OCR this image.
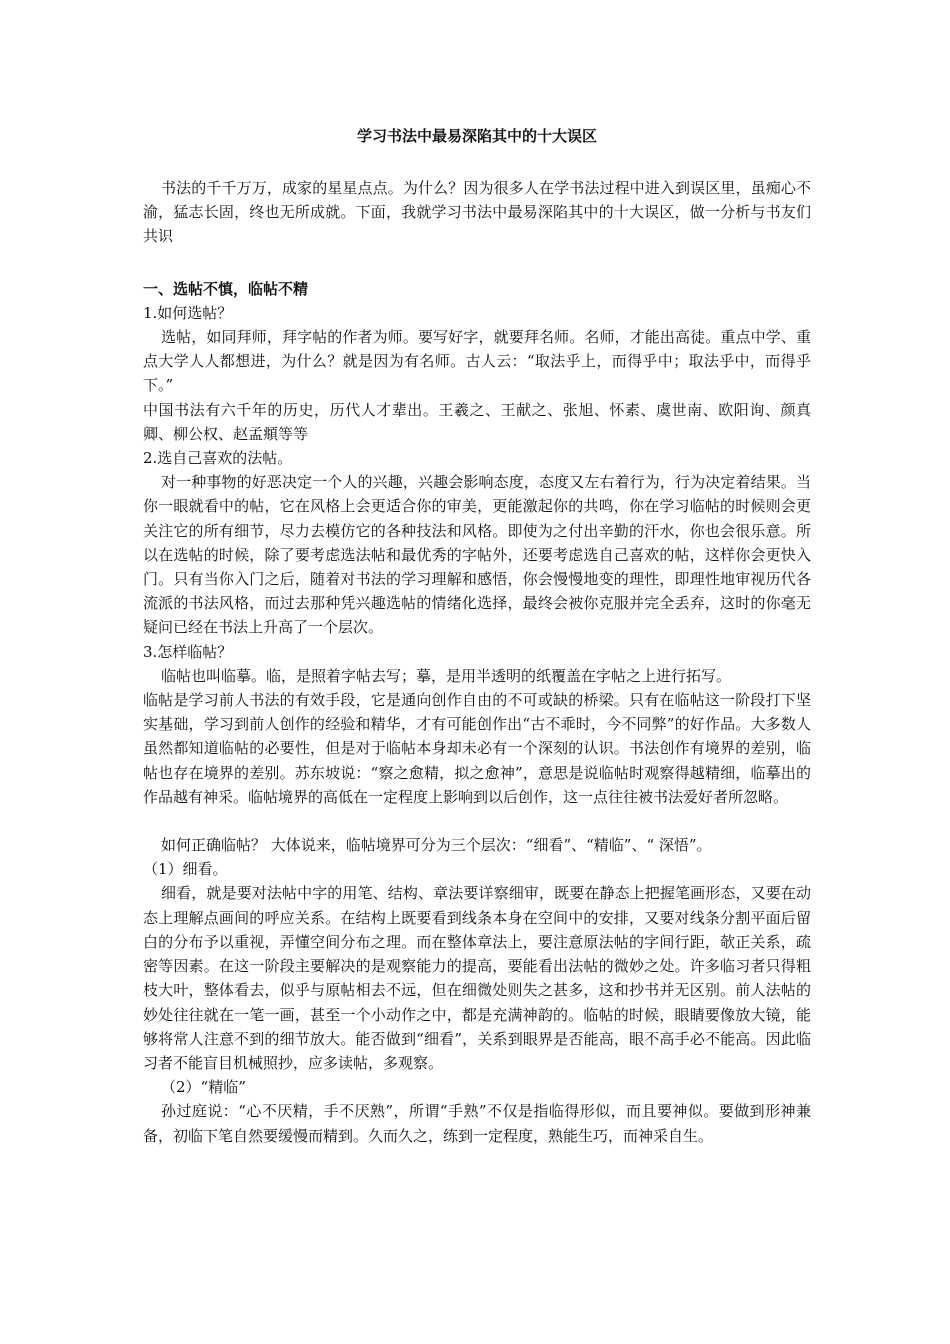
学习书法中最易深陷其中的十大误区

书法的千千万万，成家的星星点点。为什么？因为很多人在学书法过程中进入到误区里，虽痴心不渝，猛志长固，终也无所成就。下面，我就学习书法中最易深陷其中的十大误区，做一分析与书友们共识

一、选帖不慎，临帖不精

1.如何选帖？

选帖，如同拜师，拜字帖的作者为师。要写好字，就要拜名师。名师，才能出高徒。重点中学、重点大学人人都想进，为什么？就是因为有名师。古人云：“取法乎上，而得乎中；取法乎中，而得乎下。”

中国书法有六千年的历史，历代人才辈出。王羲之、王献之、张旭、怀素、虞世南、欧阳询、颜真卿、柳公权、赵孟頫等等

2.选自己喜欢的法帖。

对一种事物的好恶决定一个人的兴趣，兴趣会影响态度，态度又左右着行为，行为决定着结果。当你一眼就看中的帖，它在风格上会更适合你的审美，更能激起你的共鸣，你在学习临帖的时候则会更关注它的所有细节，尽力去模仿它的各种技法和风格。即使为之付出辛勤的汗水，你也会很乐意。所以在选帖的时候，除了要考虑选法帖和最优秀的字帖外，还要考虑选自己喜欢的帖，这样你会更快入门。只有当你入门之后，随着对书法的学习理解和感悟，你会慢慢地变的理性，即理性地审视历代各流派的书法风格，而过去那种凭兴趣选帖的情绪化选择，最终会被你克服并完全丢弃，这时的你毫无疑问已经在书法上升高了一个层次。

3.怎样临帖？

临帖也叫临摹。临，是照着字帖去写；摹，是用半透明的纸覆盖在字帖之上进行拓写。

临帖是学习前人书法的有效手段，它是通向创作自由的不可或缺的桥梁。只有在临帖这一阶段打下坚实基础，学习到前人创作的经验和精华，才有可能创作出“古不乖时，今不同弊”的好作品。大多数人虽然都知道临帖的必要性，但是对于临帖本身却未必有一个深刻的认识。书法创作有境界的差别，临帖也存在境界的差别。苏东坡说：“察之愈精，拟之愈神”，意思是说临帖时观察得越精细，临摹出的作品越有神采。临帖境界的高低在一定程度上影响到以后创作，这一点往往被书法爱好者所忽略。

如何正确临帖？ 大体说来，临帖境界可分为三个层次：“细看”、“精临”、“ 深悟”。

（1）细看。

细看，就是要对法帖中字的用笔、结构、章法要详察细审，既要在静态上把握笔画形态，又要在动态上理解点画间的呼应关系。在结构上既要看到线条本身在空间中的安排，又要对线条分割平面后留白的分布予以重视，弄懂空间分布之理。而在整体章法上，要注意原法帖的字间行距，欹正关系，疏密等因素。在这一阶段主要解决的是观察能力的提高，要能看出法帖的微妙之处。许多临习者只得粗枝大叶，整体看去，似乎与原帖相去不远，但在细微处则失之甚多，这和抄书并无区别。前人法帖的妙处往往就在一笔一画，甚至一个小动作之中，都是充满神韵的。临帖的时候，眼睛要像放大镜，能够将常人注意不到的细节放大。能否做到“细看”，关系到眼界是否能高，眼不高手必不能高。因此临习者不能盲目机械照抄，应多读帖，多观察。

（2）“精临”

孙过庭说：“心不厌精，手不厌熟”，所谓“手熟”不仅是指临得形似，而且要神似。要做到形神兼备，初临下笔自然要缓慢而精到。久而久之，练到一定程度，熟能生巧，而神采自生。
